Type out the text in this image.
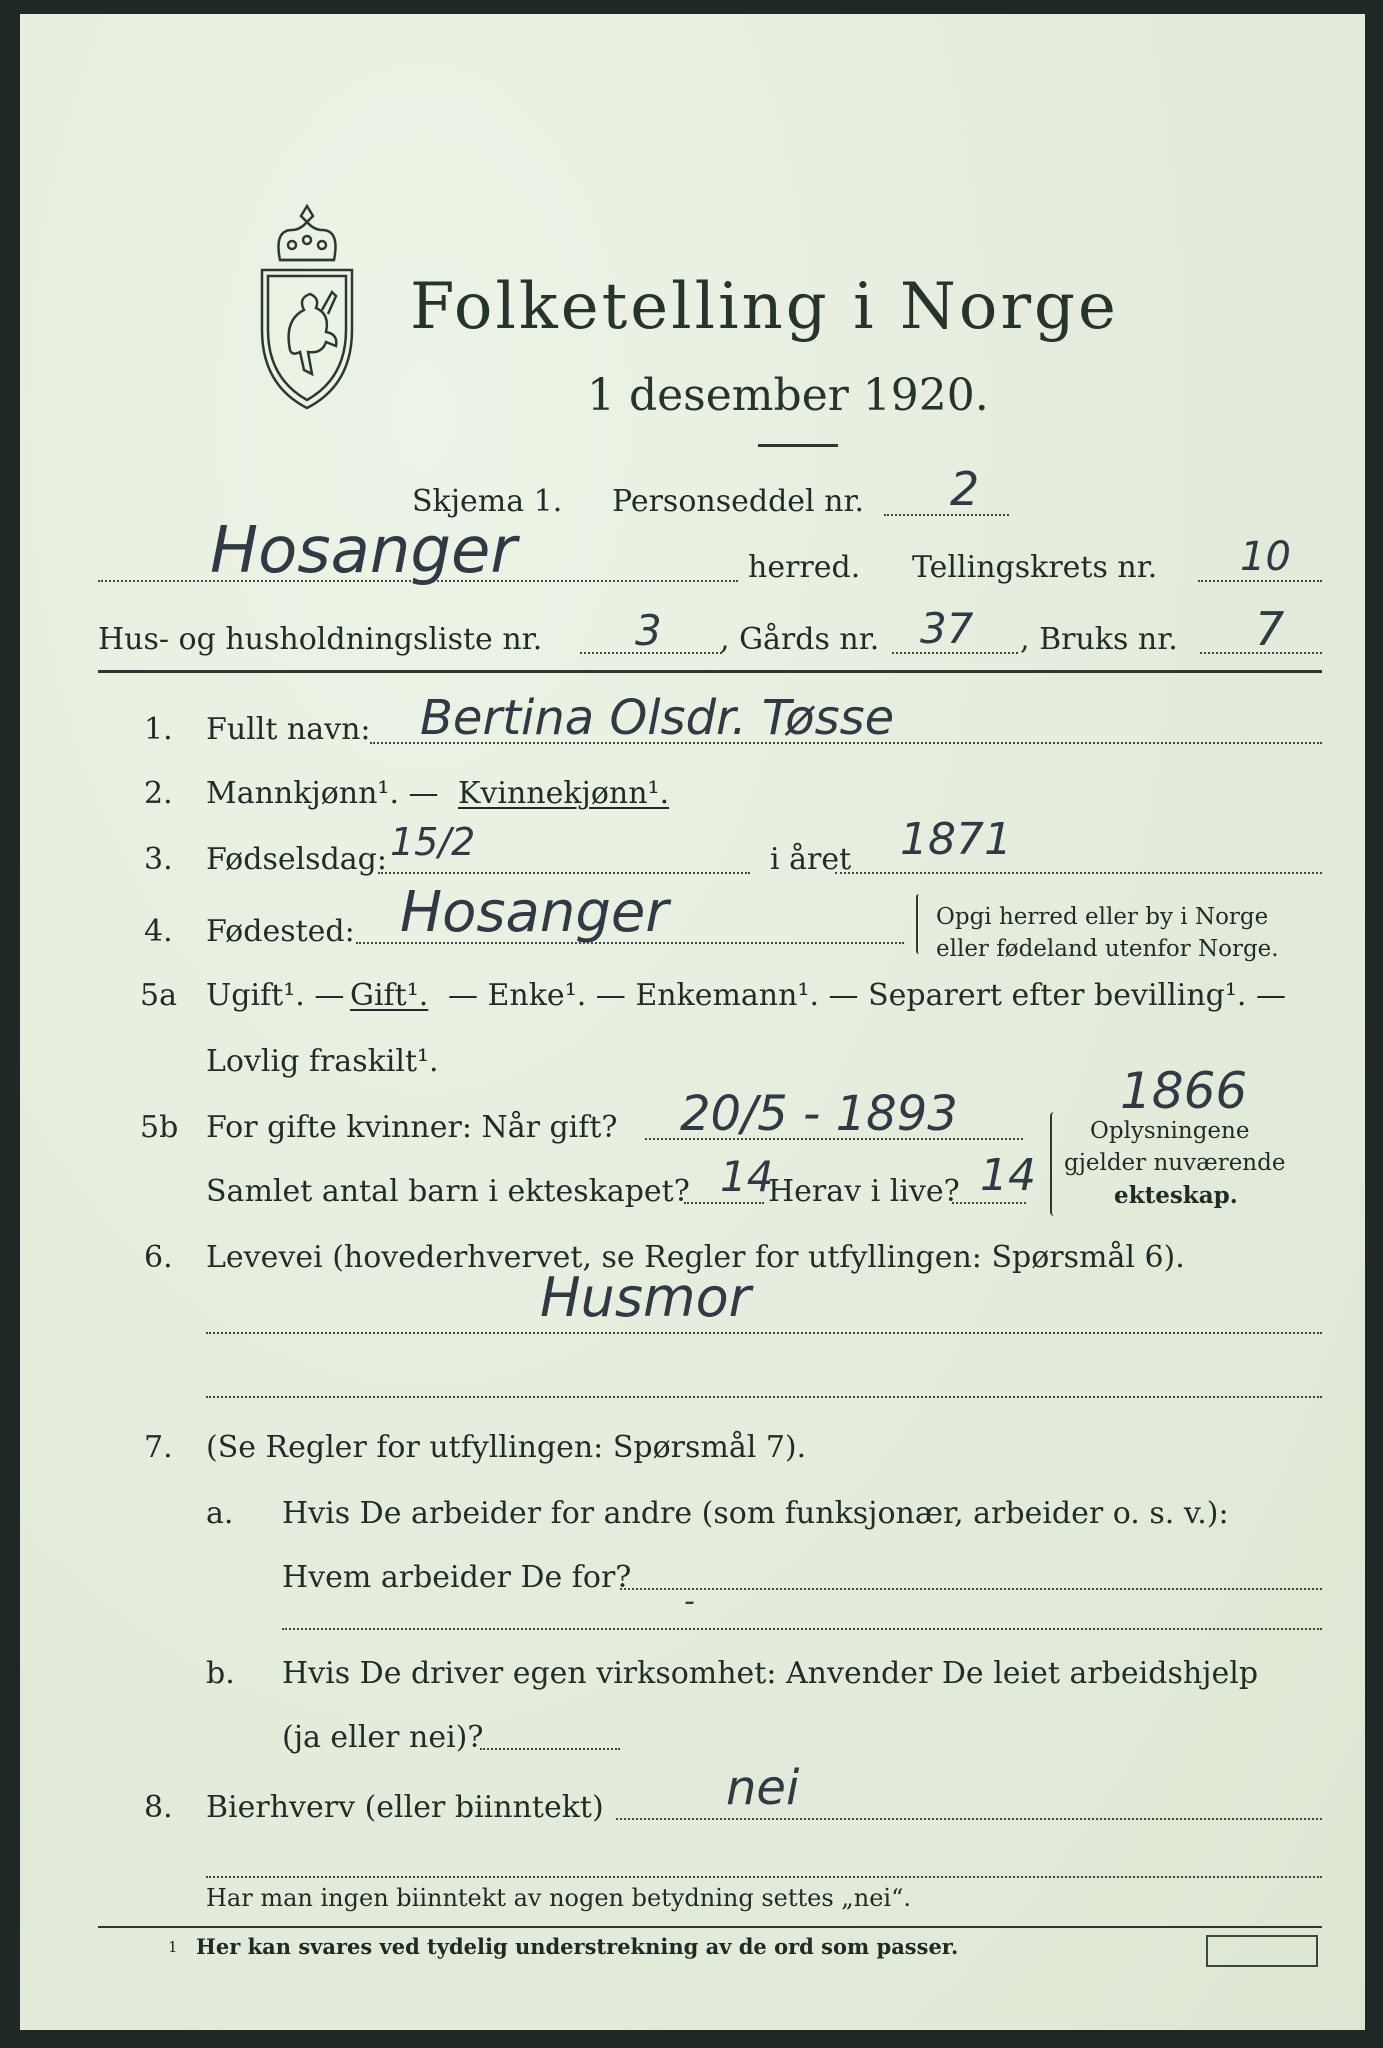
Folketelling i Norge
1 desember 1920.
Skjema 1. Personseddel nr. 2
Hosanger	herred. Tellingskrets nr. 10
Hus- og husholdningsliste nr. 3 , Gårds nr. 37 , Bruks nr. 7
1. Fullt navn: Bertina Olsdr. Tøsse
2. Mannkjønn¹. — Kvinnekjønn¹.
3. Fødselsdag: 15/2	i året 1871
4. Fødested: Hosanger	Opgi herred eller by i Norge
eller fødeland utenfor Norge.
5a Ugift¹. — Gift¹. — Enke¹. — Enkemann¹. — Separert efter bevilling¹. —
Lovlig fraskilt¹.
1866
5b For gifte kvinner: Når gift? 20/5 - 1893
Samlet antal barn i ekteskapet? 14
Herav i live? 14
Oplysningene
gjelder nuværende
ekteskap.
6. Levevei (hovederhvervet, se Regler for utfyllingen: Spørsmål 6).
Husmor
7. (Se Regler for utfyllingen: Spørsmål 7).
a. Hvis De arbeider for andre (som funksjonær, arbeider o. s. v.):
Hvem arbeider De for?
-
b. Hvis De driver egen virksomhet: Anvender De leiet arbeidshjelp
(ja eller nei)?
8. Bierhverv (eller biinntekt)	nei
Har man ingen biinntekt av nogen betydning settes „nei“.
1 Her kan svares ved tydelig understrekning av de ord som passer.
